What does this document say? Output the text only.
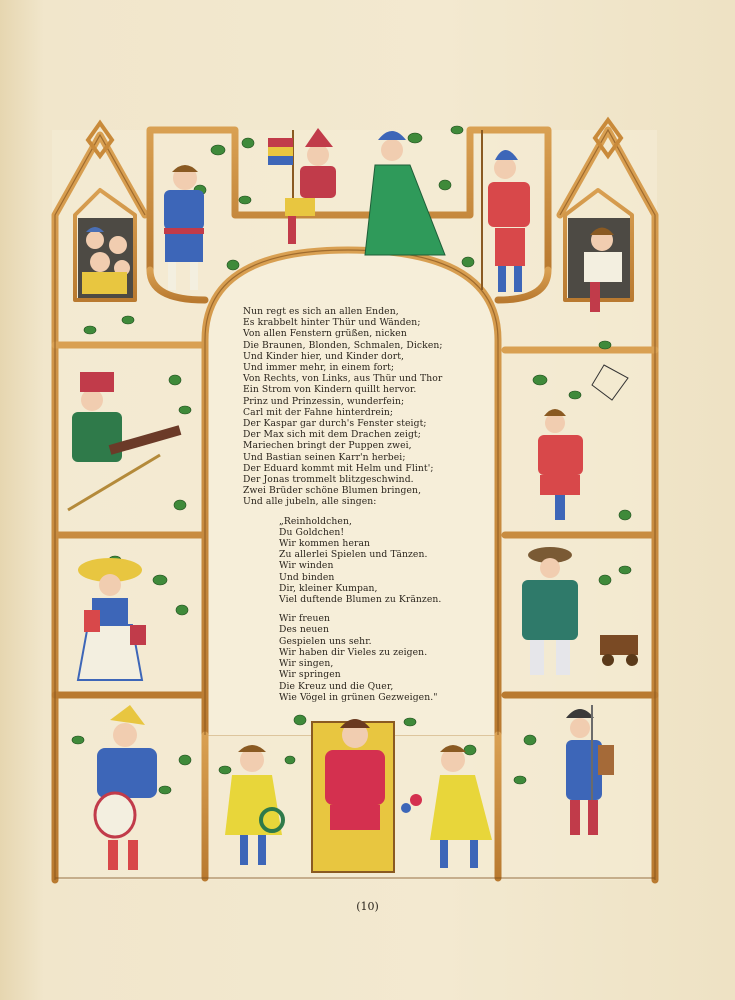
Nun regt es sich an allen Enden,
Es krabbelt hinter Thür und Wänden;
Von allen Fenstern grüßen, nicken
Die Braunen, Blonden, Schmalen, Dicken;
Und Kinder hier, und Kinder dort,
Und immer mehr, in einem fort;
Von Rechts, von Links, aus Thür und Thor
Ein Strom von Kindern quillt hervor.
Prinz und Prinzessin, wunderfein;
Carl mit der Fahne hinterdrein;
Der Kaspar gar durch's Fenster steigt;
Der Max sich mit dem Drachen zeigt;
Mariechen bringt der Puppen zwei,
Und Bastian seinen Karr'n herbei;
Der Eduard kommt mit Helm und Flint';
Der Jonas trommelt blitzgeschwind.
Zwei Brüder schöne Blumen bringen,
Und alle jubeln, alle singen:
„Reinholdchen,
Du Goldchen!
Wir kommen heran
Zu allerlei Spielen und Tänzen.
Wir winden
Und binden
Dir, kleiner Kumpan,
Viel duftende Blumen zu Kränzen.
Wir freuen
Des neuen
Gespielen uns sehr.
Wir haben dir Vieles zu zeigen.
Wir singen,
Wir springen
Die Kreuz und die Quer,
Wie Vögel in grünen Gezweigen."
(10)
